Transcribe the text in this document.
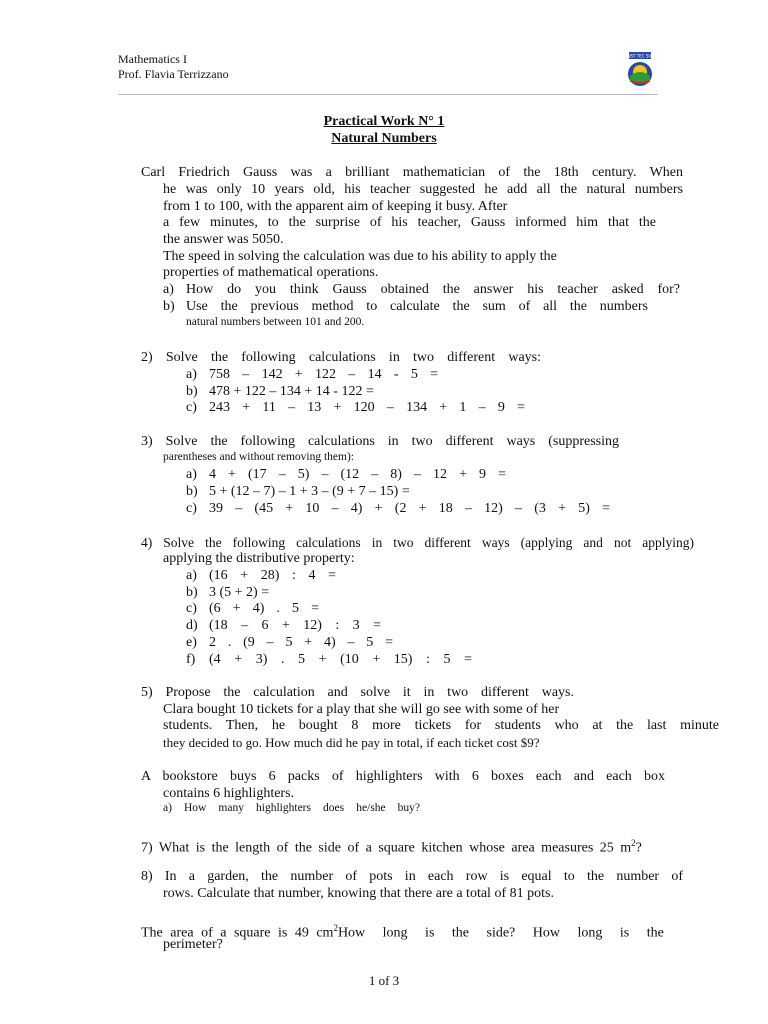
Mathematics I
Prof. Flavia Terrizzano
INST TEC SUL
Practical Work N° 1
Natural Numbers
Carl Friedrich Gauss was a brilliant mathematician of the 18th century. When
he was only 10 years old, his teacher suggested he add all the natural numbers
from 1 to 100, with the apparent aim of keeping it busy. After
a few minutes, to the surprise of his teacher, Gauss informed him that the
the answer was 5050.
The speed in solving the calculation was due to his ability to apply the
properties of mathematical operations.
a) How do you think Gauss obtained the answer his teacher asked for?
b) Use the previous method to calculate the sum of all the numbers
natural numbers between 101 and 200.
2) Solve the following calculations in two different ways:
a) 758 – 142 + 122 – 14 - 5 =
b) 478 + 122 – 134 + 14 - 122 =
c) 243 + 11 – 13 + 120 – 134 + 1 – 9 =
3) Solve the following calculations in two different ways (suppressing
parentheses and without removing them):
a) 4 + (17 – 5) – (12 – 8) – 12 + 9 =
b) 5 + (12 – 7) – 1 + 3 – (9 + 7 – 15) =
c) 39 – (45 + 10 – 4) + (2 + 18 – 12) – (3 + 5) =
4) Solve the following calculations in two different ways (applying and not applying)
applying the distributive property:
a) (16 + 28) : 4 =
b) 3 (5 + 2) =
c) (6 + 4) . 5 =
d) (18 – 6 + 12) : 3 =
e) 2 . (9 – 5 + 4) – 5 =
f) (4 + 3) . 5 + (10 + 15) : 5 =
5) Propose the calculation and solve it in two different ways.
Clara bought 10 tickets for a play that she will go see with some of her
students. Then, he bought 8 more tickets for students who at the last minute
they decided to go. How much did he pay in total, if each ticket cost $9?
A bookstore buys 6 packs of highlighters with 6 boxes each and each box
contains 6 highlighters.
a) How many highlighters does he/she buy?
7) What is the length of the side of a square kitchen whose area measures 25 $m^2$?
8) In a garden, the number of pots in each row is equal to the number of
rows. Calculate that number, knowing that there are a total of 81 pots.
The area of a square is 49 $cm^2How$ long is the side? How long is the
perimeter?
1 of 3
